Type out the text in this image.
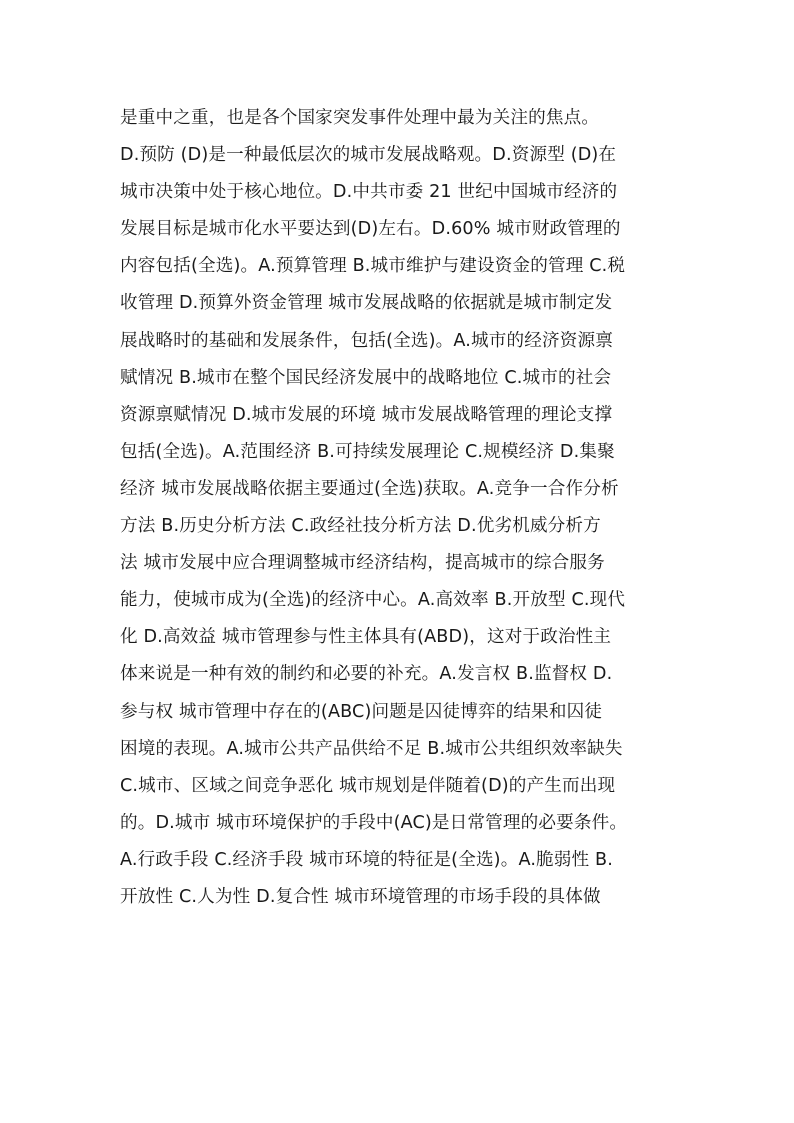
是重中之重，也是各个国家突发事件处理中最为关注的焦点。
D.预防 (D)是一种最低层次的城市发展战略观。D.资源型 (D)在
城市决策中处于核心地位。D.中共市委 21 世纪中国城市经济的
发展目标是城市化水平要达到(D)左右。D.60% 城市财政管理的
内容包括(全选)。A.预算管理 B.城市维护与建设资金的管理 C.税
收管理 D.预算外资金管理 城市发展战略的依据就是城市制定发
展战略时的基础和发展条件，包括(全选)。A.城市的经济资源禀
赋情况 B.城市在整个国民经济发展中的战略地位 C.城市的社会
资源禀赋情况 D.城市发展的环境 城市发展战略管理的理论支撑
包括(全选)。A.范围经济 B.可持续发展理论 C.规模经济 D.集聚
经济 城市发展战略依据主要通过(全选)获取。A.竞争一合作分析
方法 B.历史分析方法 C.政经社技分析方法 D.优劣机威分析方
法 城市发展中应合理调整城市经济结构，提高城市的综合服务
能力，使城市成为(全选)的经济中心。A.高效率 B.开放型 C.现代
化 D.高效益 城市管理参与性主体具有(ABD)，这对于政治性主
体来说是一种有效的制约和必要的补充。A.发言权 B.监督权 D.
参与权 城市管理中存在的(ABC)问题是囚徒博弈的结果和囚徒
困境的表现。A.城市公共产品供给不足 B.城市公共组织效率缺失
C.城市、区域之间竞争恶化 城市规划是伴随着(D)的产生而出现
的。D.城市 城市环境保护的手段中(AC)是日常管理的必要条件。
A.行政手段 C.经济手段 城市环境的特征是(全选)。A.脆弱性 B.
开放性 C.人为性 D.复合性 城市环境管理的市场手段的具体做
